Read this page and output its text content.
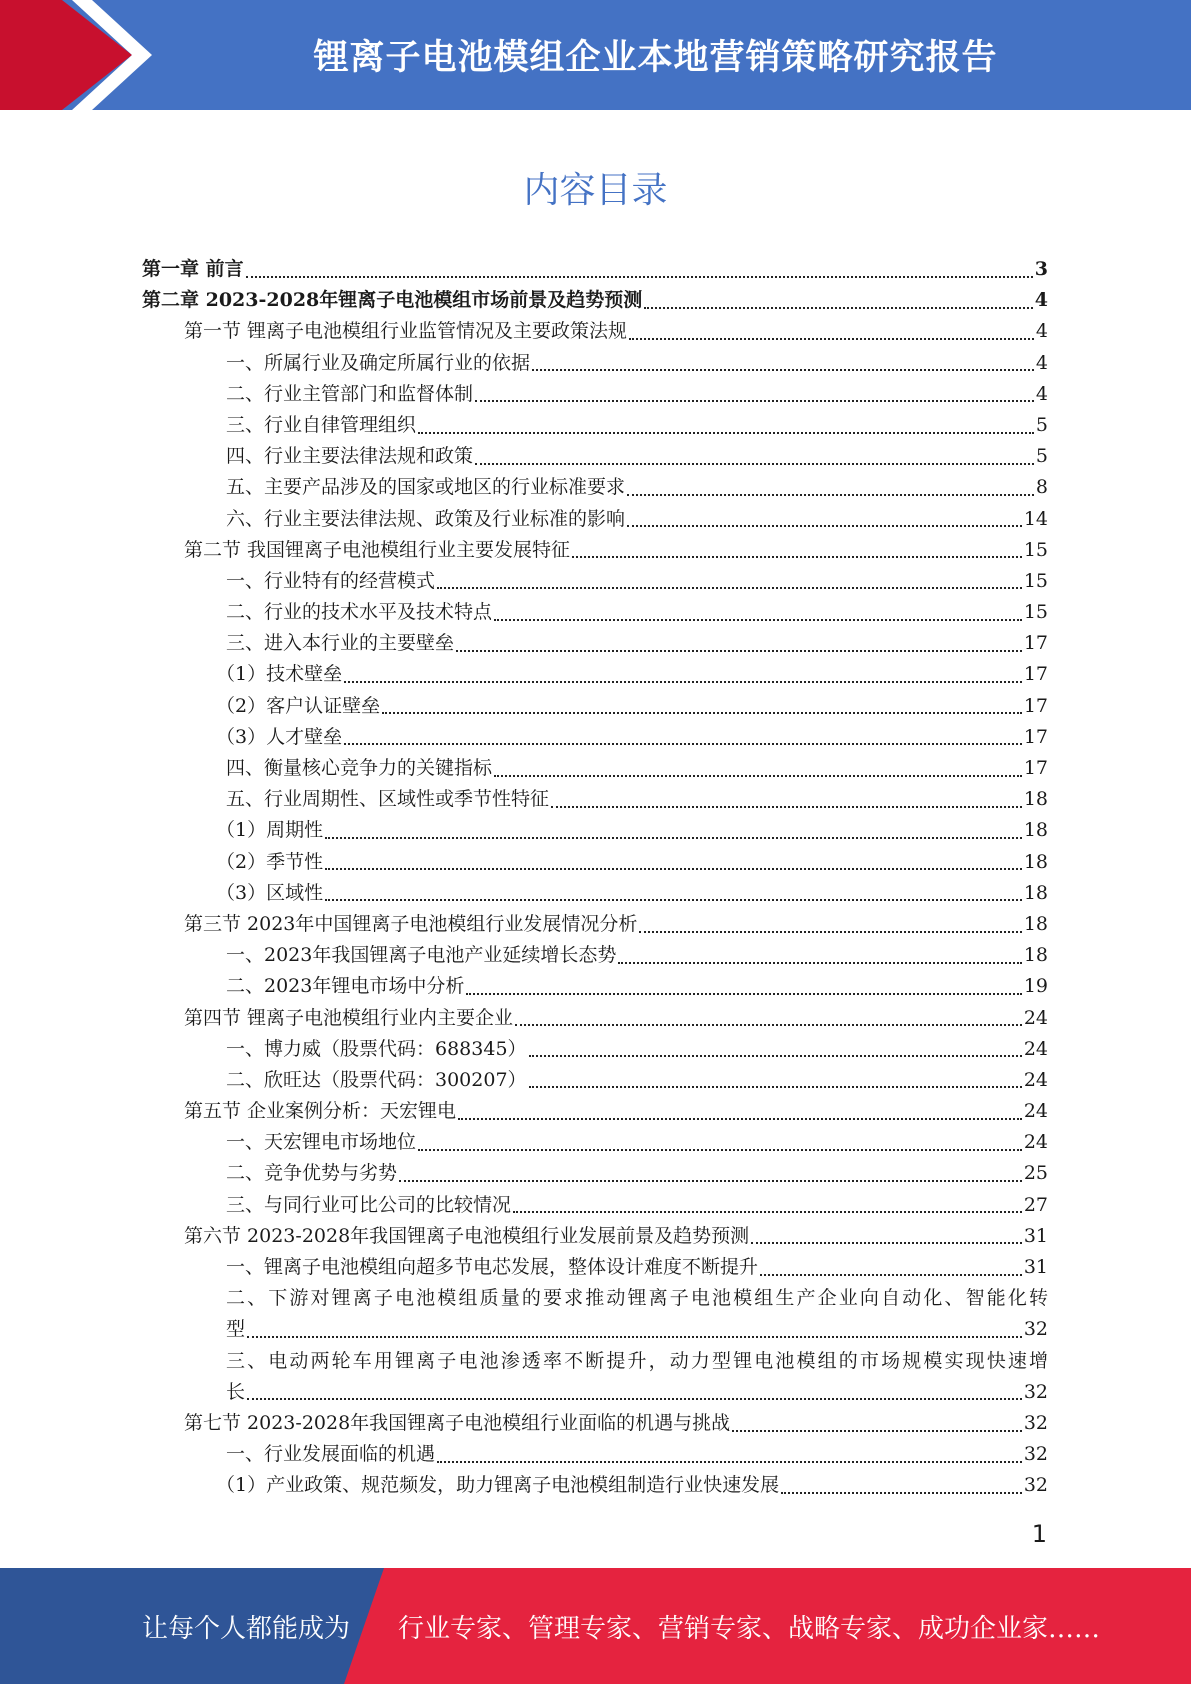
锂离子电池模组企业本地营销策略研究报告
内容目录
第一章 前言	3
第二章 2023-2028年锂离子电池模组市场前景及趋势预测	4
第一节 锂离子电池模组行业监管情况及主要政策法规	4
一、所属行业及确定所属行业的依据	4
二、行业主管部门和监督体制	4
三、行业自律管理组织	5
四、行业主要法律法规和政策	5
五、主要产品涉及的国家或地区的行业标准要求	8
六、行业主要法律法规、政策及行业标准的影响	14
第二节 我国锂离子电池模组行业主要发展特征	15
一、行业特有的经营模式	15
二、行业的技术水平及技术特点	15
三、进入本行业的主要壁垒	17
（1）技术壁垒	17
（2）客户认证壁垒	17
（3）人才壁垒	17
四、衡量核心竞争力的关键指标	17
五、行业周期性、区域性或季节性特征	18
（1）周期性	18
（2）季节性	18
（3）区域性	18
第三节 2023年中国锂离子电池模组行业发展情况分析	18
一、2023年我国锂离子电池产业延续增长态势	18
二、2023年锂电市场中分析	19
第四节 锂离子电池模组行业内主要企业	24
一、博力威（股票代码：688345）	24
二、欣旺达（股票代码：300207）	24
第五节 企业案例分析：天宏锂电	24
一、天宏锂电市场地位	24
二、竞争优势与劣势	25
三、与同行业可比公司的比较情况	27
第六节 2023-2028年我国锂离子电池模组行业发展前景及趋势预测	31
一、锂离子电池模组向超多节电芯发展，整体设计难度不断提升	31
二、下游对锂离子电池模组质量的要求推动锂离子电池模组生产企业向自动化、智能化转
型	32
三、电动两轮车用锂离子电池渗透率不断提升，动力型锂电池模组的市场规模实现快速增
长	32
第七节 2023-2028年我国锂离子电池模组行业面临的机遇与挑战	32
一、行业发展面临的机遇	32
（1）产业政策、规范频发，助力锂离子电池模组制造行业快速发展	32
1
让每个人都能成为 行业专家、管理专家、营销专家、战略专家、成功企业家……
